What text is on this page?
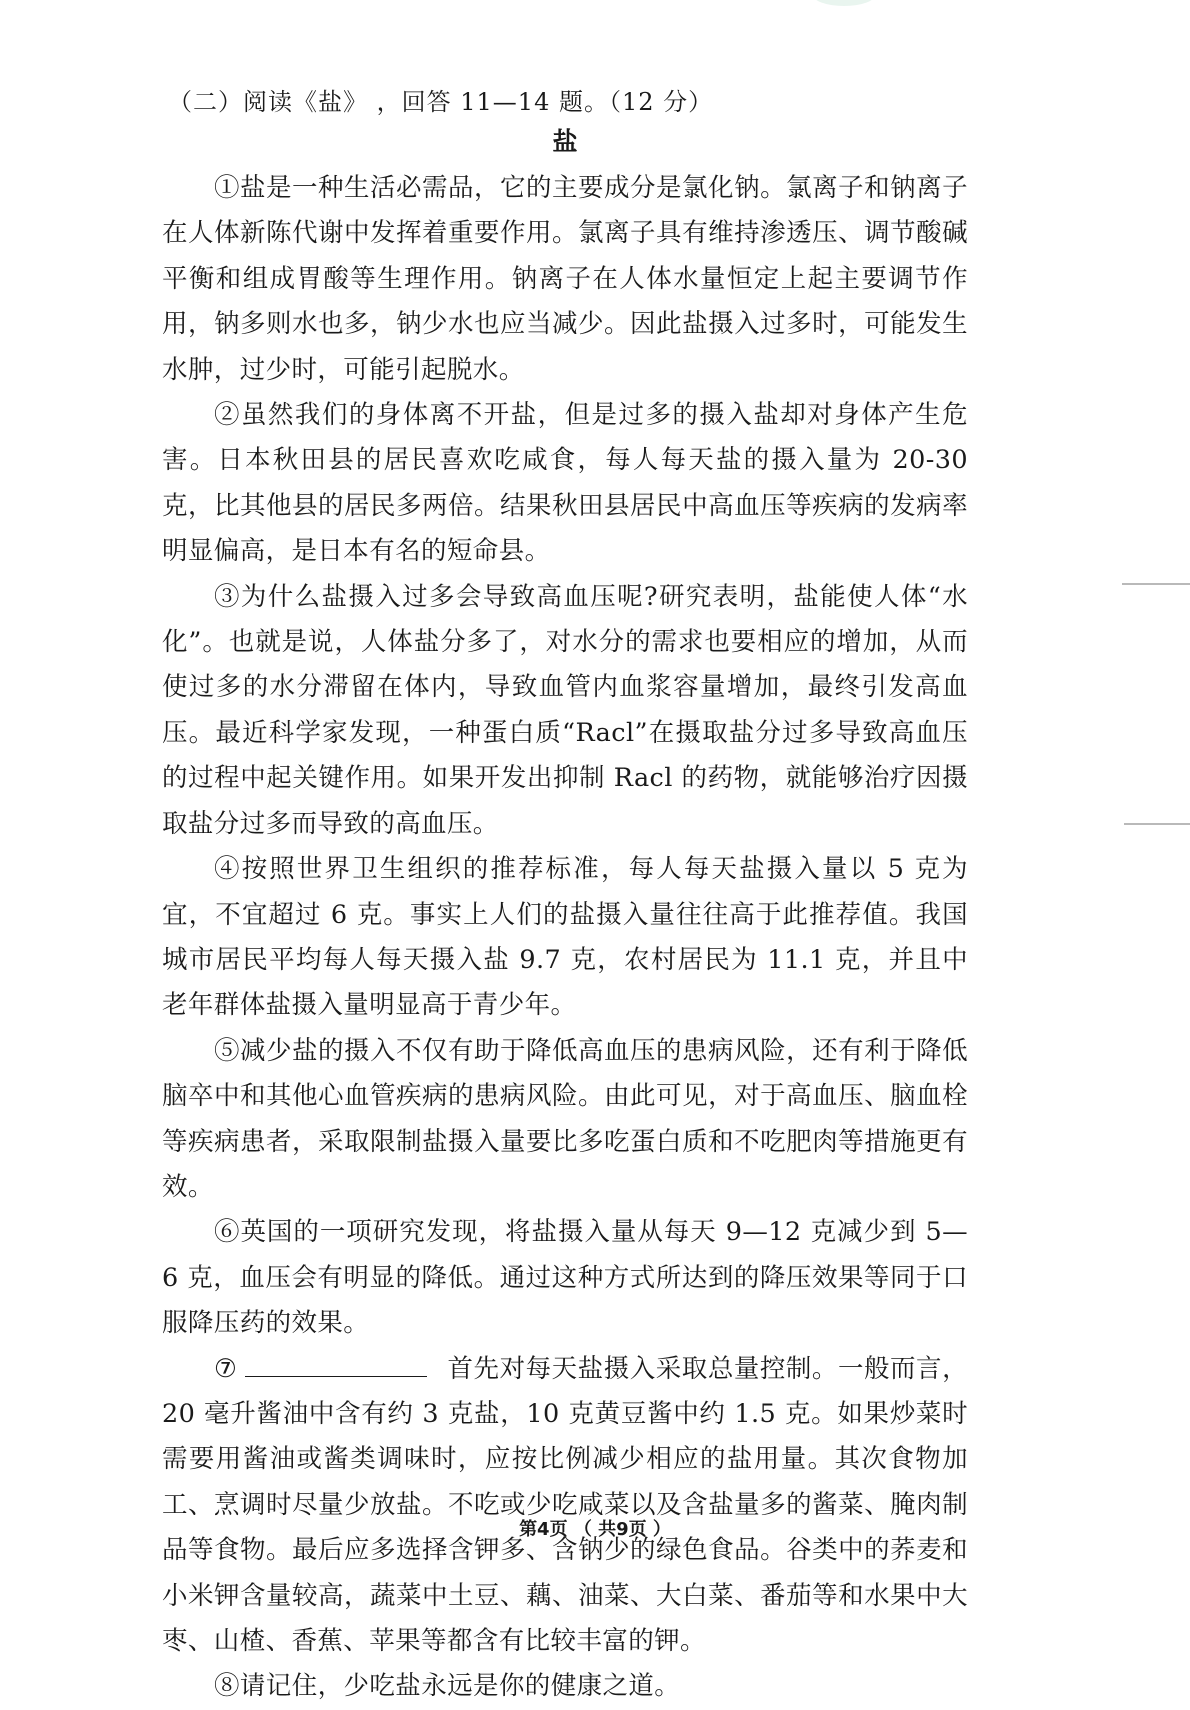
（二）阅读《盐》 ，回答 11—14 题。（12 分）
盐

①盐是一种生活必需品，它的主要成分是氯化钠。氯离子和钠离子在人体新陈代谢中发挥着重要作用。氯离子具有维持渗透压、调节酸碱平衡和组成胃酸等生理作用。钠离子在人体水量恒定上起主要调节作用，钠多则水也多，钠少水也应当减少。因此盐摄入过多时，可能发生水肿，过少时，可能引起脱水。

②虽然我们的身体离不开盐，但是过多的摄入盐却对身体产生危害。日本秋田县的居民喜欢吃咸食，每人每天盐的摄入量为 20-30 克，比其他县的居民多两倍。结果秋田县居民中高血压等疾病的发病率明显偏高，是日本有名的短命县。

③为什么盐摄入过多会导致高血压呢?研究表明，盐能使人体“水化”。也就是说，人体盐分多了，对水分的需求也要相应的增加，从而使过多的水分滞留在体内，导致血管内血浆容量增加，最终引发高血压。最近科学家发现，一种蛋白质“Racl”在摄取盐分过多导致高血压的过程中起关键作用。如果开发出抑制 Racl 的药物，就能够治疗因摄取盐分过多而导致的高血压。

④按照世界卫生组织的推荐标准，每人每天盐摄入量以 5 克为宜，不宜超过 6 克。事实上人们的盐摄入量往往高于此推荐值。我国城市居民平均每人每天摄入盐 9.7 克，农村居民为 11.1 克，并且中老年群体盐摄入量明显高于青少年。

⑤减少盐的摄入不仅有助于降低高血压的患病风险，还有利于降低脑卒中和其他心血管疾病的患病风险。由此可见，对于高血压、脑血栓等疾病患者，采取限制盐摄入量要比多吃蛋白质和不吃肥肉等措施更有效。

⑥英国的一项研究发现，将盐摄入量从每天 9—12 克减少到 5—6 克，血压会有明显的降低。通过这种方式所达到的降压效果等同于口服降压药的效果。

⑦	首先对每天盐摄入采取总量控制。一般而言，20 毫升酱油中含有约 3 克盐，10 克黄豆酱中约 1.5 克。如果炒菜时需要用酱油或酱类调味时，应按比例减少相应的盐用量。其次食物加工、烹调时尽量少放盐。不吃或少吃咸菜以及含盐量多的酱菜、腌肉制品等食物。最后应多选择含钾多、含钠少的绿色食品。谷类中的荞麦和小米钾含量较高，蔬菜中土豆、藕、油菜、大白菜、番茄等和水果中大枣、山楂、香蕉、苹果等都含有比较丰富的钾。

⑧请记住，少吃盐永远是你的健康之道。

第4页 （ 共9页 ）
